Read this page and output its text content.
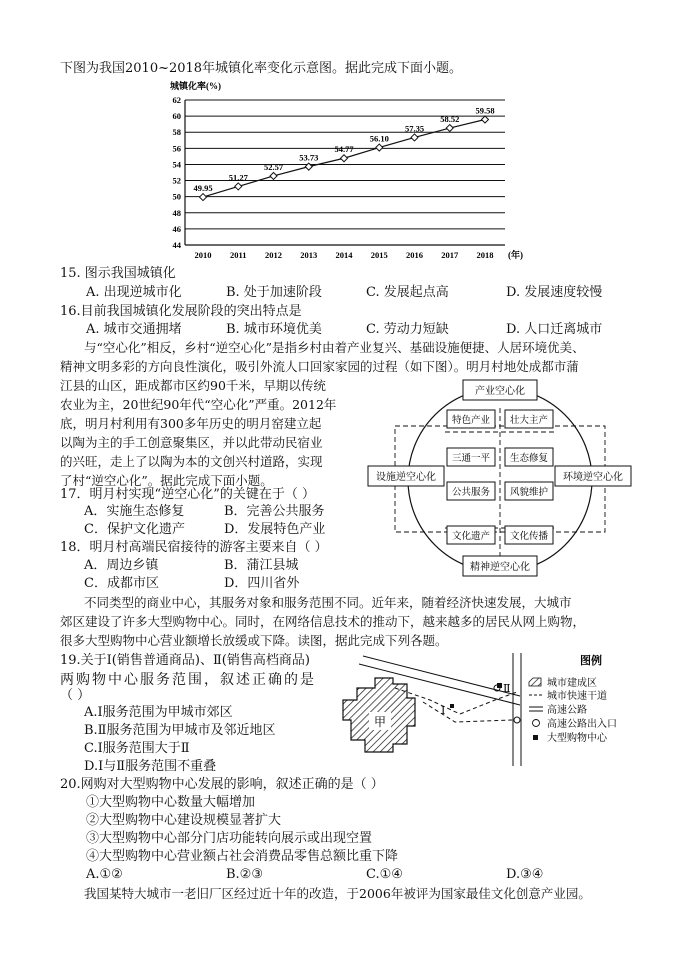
下图为我国2010~2018年城镇化率变化示意图。据此完成下面小题。
城镇化率(%)
44
46
48
50
52
54
56
58
60
62
2010 2011 2012 2013 2014 2015 2016 2017 2018 (年)
49.95
51.27
52.57
53.73
54.77
56.10
57.35
58.52
59.58
15. 图示我国城镇化
A. 出现逆城市化	B. 处于加速阶段	C. 发展起点高	D. 发展速度较慢
16.目前我国城镇化发展阶段的突出特点是
A. 城市交通拥堵	B. 城市环境优美	C. 劳动力短缺	D. 人口迁离城市
与“空心化”相反，乡村“逆空心化”是指乡村由着产业复兴、基础设施便捷、人居环境优美、
精神文明多彩的方向良性演化，吸引外流人口回家家园的过程（如下图）。明月村地处成都市蒲
江县的山区，距成都市区约90千米，早期以传统
农业为主，20世纪90年代“空心化”严重。2012年
底，明月村利用有300多年历史的明月窑建立起
以陶为主的手工创意聚集区，并以此带动民宿业
的兴旺，走上了以陶为本的文创兴村道路，实现
了村“逆空心化”。据此完成下面小题。
产业空心化
设施逆空心化	环境逆空心化
精神逆空心化
特色产业 壮大主产
三通一平 生态修复
公共服务 风貌维护
文化遗产 文化传播
17．明月村实现“逆空心化”的关键在于（ ）
A．实施生态修复	B．完善公共服务
C．保护文化遗产	D．发展特色产业
18．明月村高端民宿接待的游客主要来自（ ）
A．周边乡镇	B．蒲江县城
C．成都市区	D．四川省外
不同类型的商业中心，其服务对象和服务范围不同。近年来，随着经济快速发展，大城市
郊区建设了许多大型购物中心。同时，在网络信息技术的推动下，越来越多的居民从网上购物，
很多大型购物中心营业额增长放缓或下降。读图，据此完成下列各题。
19.关于Ⅰ(销售普通商品)、Ⅱ(销售高档商品)
两购物中心服务范围，叙述正确的是
（ ）
A.Ⅰ服务范围为甲城市郊区
B.Ⅱ服务范围为甲城市及邻近地区
C.Ⅰ服务范围大于Ⅱ
D.Ⅰ与Ⅱ服务范围不重叠
甲
Ⅱ
Ⅰ
图例
城市建成区
城市快速干道
高速公路
高速公路出入口
大型购物中心
20.网购对大型购物中心发展的影响，叙述正确的是（ ）
①大型购物中心数量大幅增加
②大型购物中心建设规模显著扩大
③大型购物中心部分门店功能转向展示或出现空置
④大型购物中心营业额占社会消费品零售总额比重下降
A.①②	B.②③	C.①④	D.③④
我国某特大城市一老旧厂区经过近十年的改造，于2006年被评为国家最佳文化创意产业园。
